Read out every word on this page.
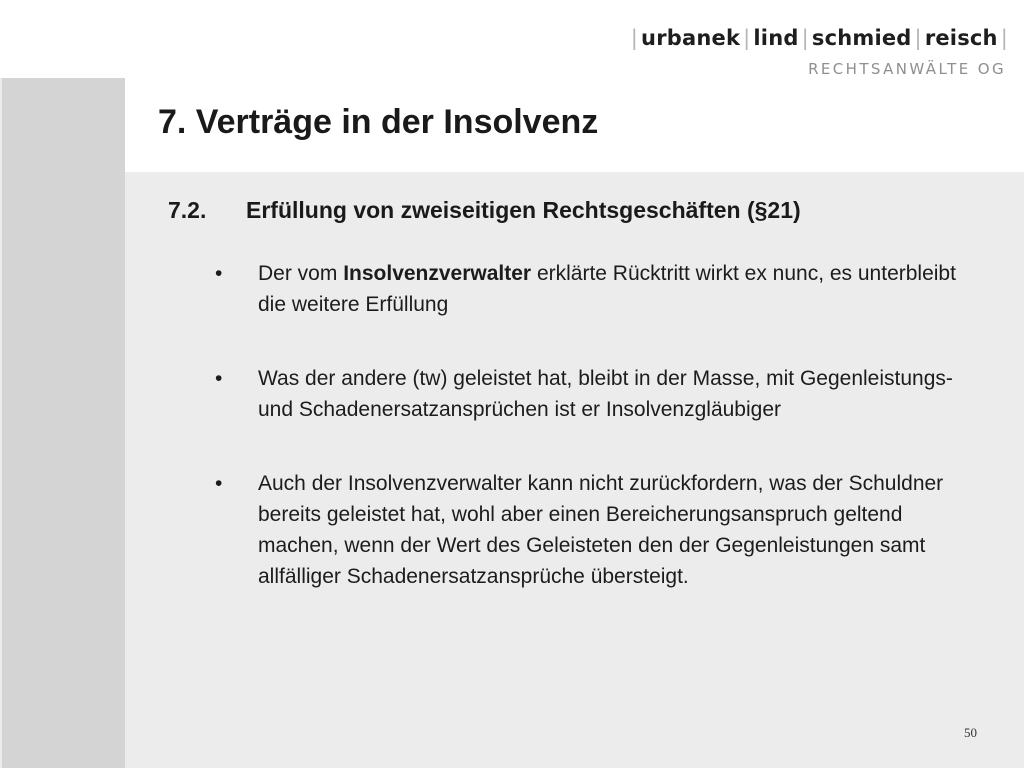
| urbanek | lind | schmied | reisch |
RECHTSANWÄLTE OG
7. Verträge in der Insolvenz
7.2. Erfüllung von zweiseitigen Rechtsgeschäften (§21)
• Der vom Insolvenzverwalter erklärte Rücktritt wirkt ex nunc, es unterbleibt die weitere Erfüllung
• Was der andere (tw) geleistet hat, bleibt in der Masse, mit Gegenleistungs- und Schadenersatzansprüchen ist er Insolvenzgläubiger
• Auch der Insolvenzverwalter kann nicht zurückfordern, was der Schuldner bereits geleistet hat, wohl aber einen Bereicherungsanspruch geltend machen, wenn der Wert des Geleisteten den der Gegenleistungen samt allfälliger Schadenersatzansprüche übersteigt.
50
